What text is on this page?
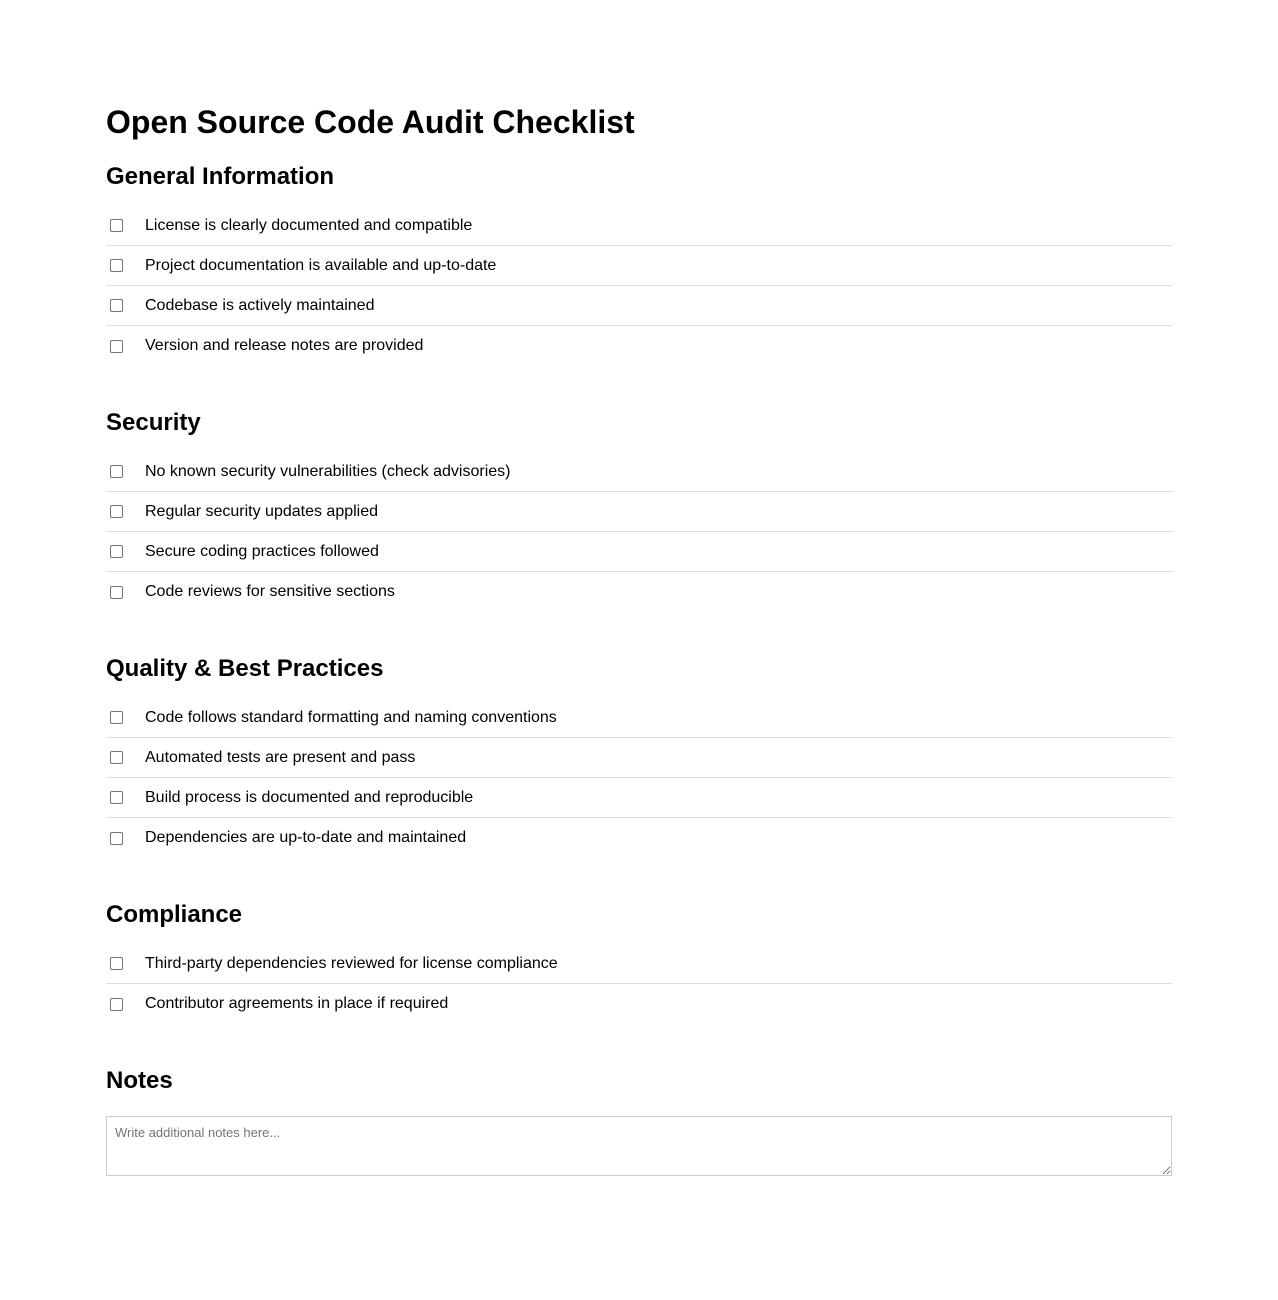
Open Source Code Audit Checklist
General Information
License is clearly documented and compatible
Project documentation is available and up-to-date
Codebase is actively maintained
Version and release notes are provided
Security
No known security vulnerabilities (check advisories)
Regular security updates applied
Secure coding practices followed
Code reviews for sensitive sections
Quality & Best Practices
Code follows standard formatting and naming conventions
Automated tests are present and pass
Build process is documented and reproducible
Dependencies are up-to-date and maintained
Compliance
Third-party dependencies reviewed for license compliance
Contributor agreements in place if required
Notes
Write additional notes here...
